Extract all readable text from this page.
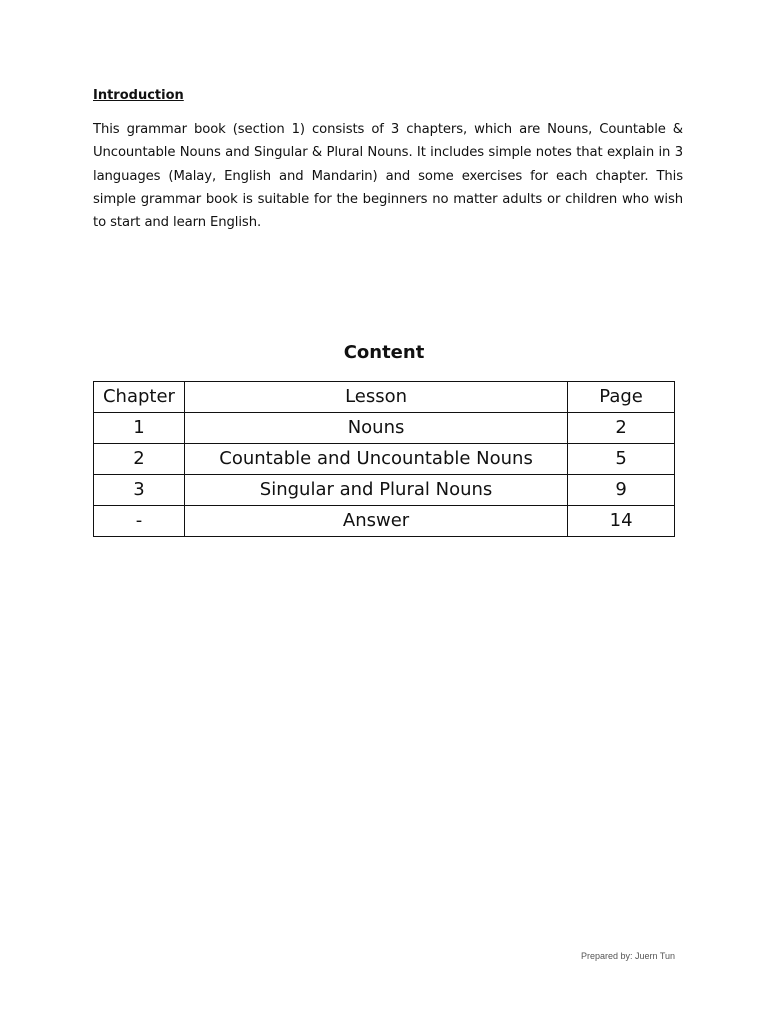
Introduction

This grammar book (section 1) consists of 3 chapters, which are Nouns, Countable & Uncountable Nouns and Singular & Plural Nouns. It includes simple notes that explain in 3 languages (Malay, English and Mandarin) and some exercises for each chapter. This simple grammar book is suitable for the beginners no matter adults or children who wish to start and learn English.

Content
Chapter	Lesson	Page
1	Nouns	2
2	Countable and Uncountable Nouns	5
3	Singular and Plural Nouns	9
-	Answer	14

Prepared by: Juern Tun
